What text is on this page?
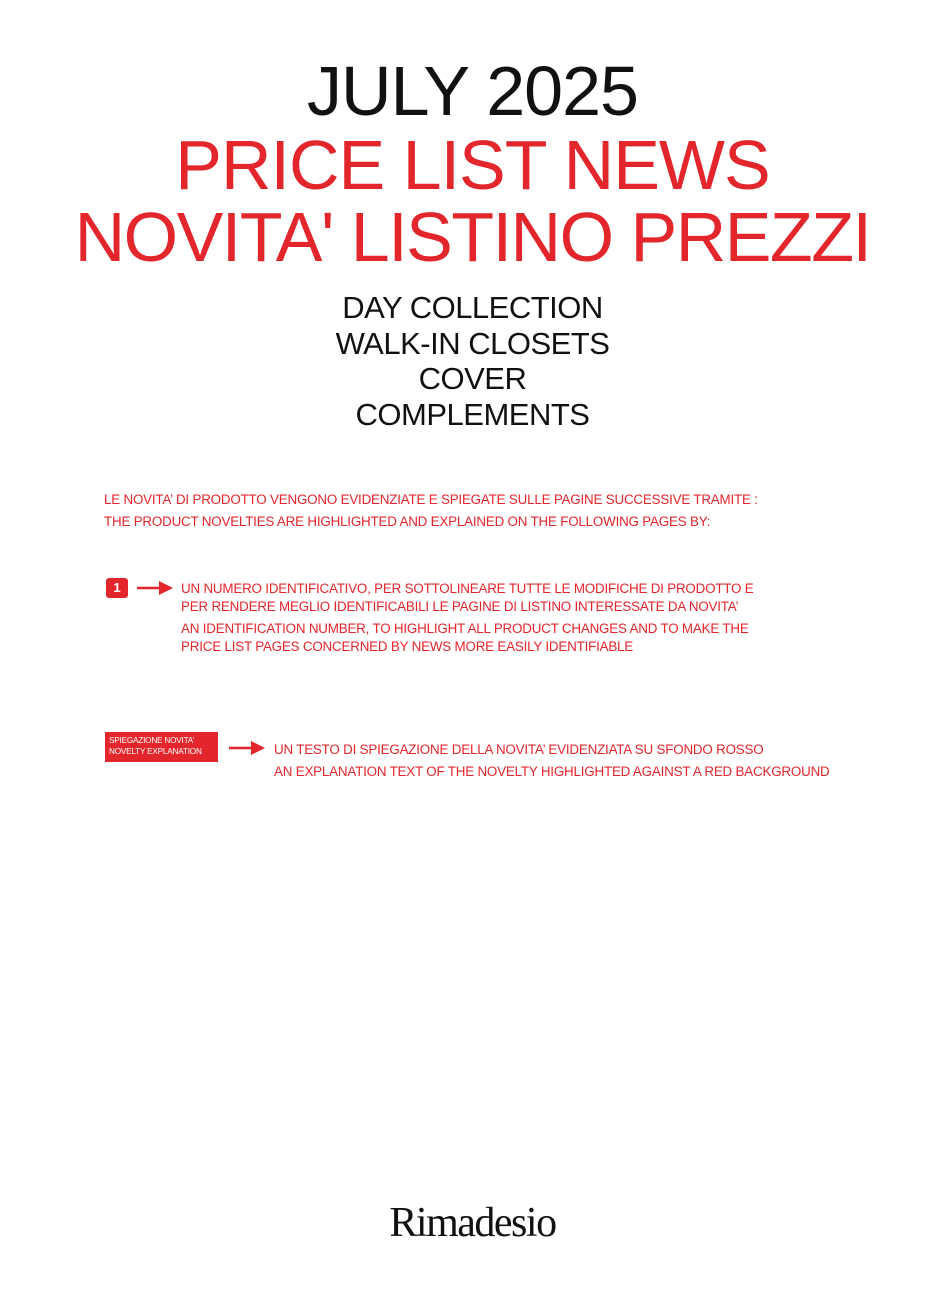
JULY 2025
PRICE LIST NEWS
NOVITA' LISTINO PREZZI
DAY COLLECTION
WALK-IN CLOSETS
COVER
COMPLEMENTS
LE NOVITA’ DI PRODOTTO VENGONO EVIDENZIATE E SPIEGATE SULLE PAGINE SUCCESSIVE TRAMITE :
THE PRODUCT NOVELTIES ARE HIGHLIGHTED AND EXPLAINED ON THE FOLLOWING PAGES BY:
1	UN NUMERO IDENTIFICATIVO, PER SOTTOLINEARE TUTTE LE MODIFICHE DI PRODOTTO E
PER RENDERE MEGLIO IDENTIFICABILI LE PAGINE DI LISTINO INTERESSATE DA NOVITA’
AN IDENTIFICATION NUMBER, TO HIGHLIGHT ALL PRODUCT CHANGES AND TO MAKE THE
PRICE LIST PAGES CONCERNED BY NEWS MORE EASILY IDENTIFIABLE
SPIEGAZIONE NOVITA’
NOVELTY EXPLANATION	UN TESTO DI SPIEGAZIONE DELLA NOVITA’ EVIDENZIATA SU SFONDO ROSSO
AN EXPLANATION TEXT OF THE NOVELTY HIGHLIGHTED AGAINST A RED BACKGROUND
Rimadesio
